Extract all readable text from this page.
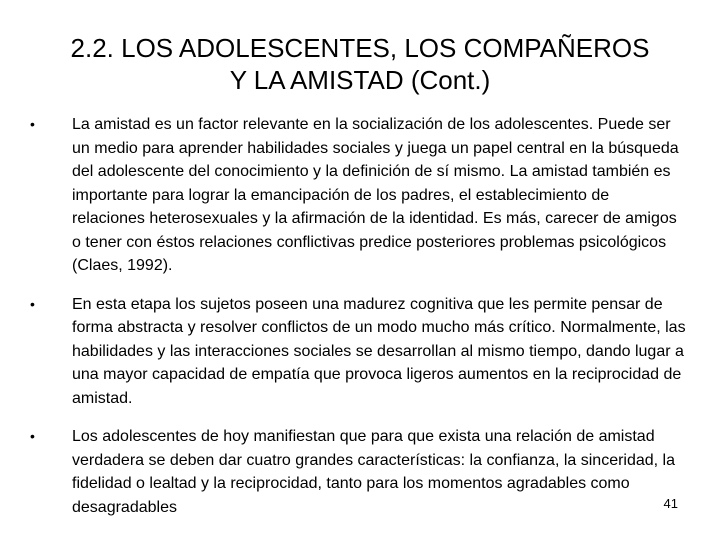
2.2. LOS ADOLESCENTES, LOS COMPAÑEROS
Y LA AMISTAD (Cont.)
• La amistad es un factor relevante en la socialización de los adolescentes. Puede ser un medio para aprender habilidades sociales y juega un papel central en la búsqueda del adolescente del conocimiento y la definición de sí mismo. La amistad también es importante para lograr la emancipación de los padres, el establecimiento de relaciones heterosexuales y la afirmación de la identidad. Es más, carecer de amigos o tener con éstos relaciones conflictivas predice posteriores problemas psicológicos (Claes, 1992).
• En esta etapa los sujetos poseen una madurez cognitiva que les permite pensar de forma abstracta y resolver conflictos de un modo mucho más crítico. Normalmente, las habilidades y las interacciones sociales se desarrollan al mismo tiempo, dando lugar a una mayor capacidad de empatía que provoca ligeros aumentos en la reciprocidad de amistad.
• Los adolescentes de hoy manifiestan que para que exista una relación de amistad verdadera se deben dar cuatro grandes características: la confianza, la sinceridad, la fidelidad o lealtad y la reciprocidad, tanto para los momentos agradables como desagradables	41
